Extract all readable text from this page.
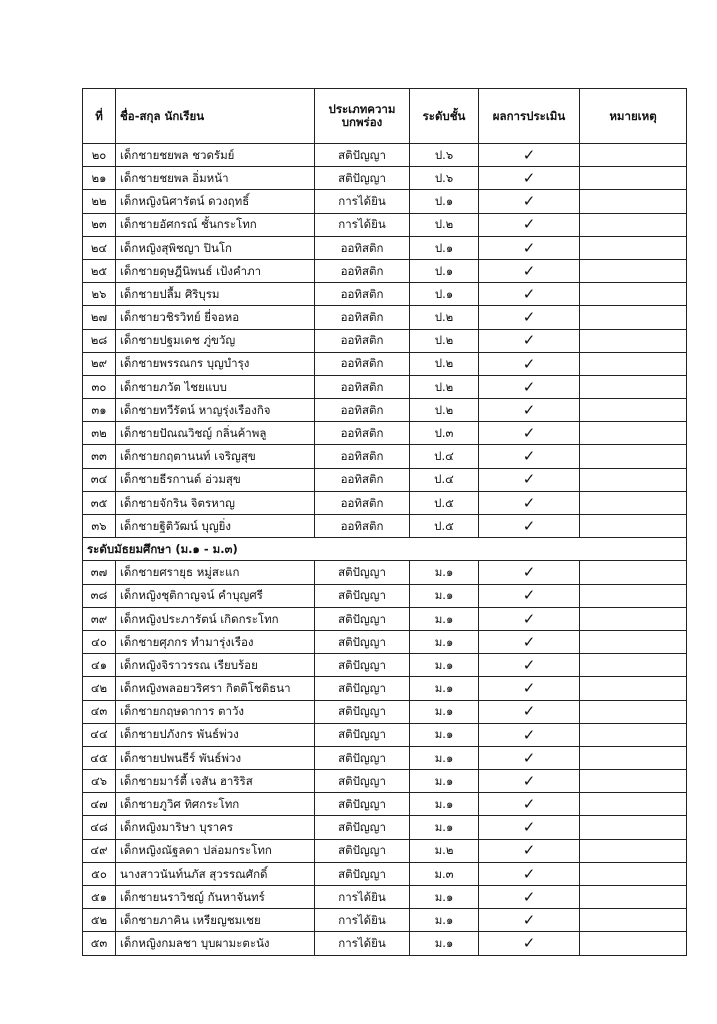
ที่	ชื่อ-สกุล นักเรียน	ประเภทความบกพร่อง	ระดับชั้น	ผลการประเมิน	หมายเหตุ
๒๐	เด็กชายชยพล ชวดรัมย์	สติปัญญา	ป.๖	✓	
๒๑	เด็กชายชยพล อิ่มหน้า	สติปัญญา	ป.๖	✓	
๒๒	เด็กหญิงนิศารัตน์ ดวงฤทธิ์	การได้ยิน	ป.๑	✓	
๒๓	เด็กชายอัศกรณ์ ชั้นกระโทก	การได้ยิน	ป.๒	✓	
๒๔	เด็กหญิงสุพิชญา ปินโก	ออทิสติก	ป.๑	✓	
๒๕	เด็กชายดุษฎีนิพนธ์ เป้งคำภา	ออทิสติก	ป.๑	✓	
๒๖	เด็กชายปลื้ม ศิริบุรม	ออทิสติก	ป.๑	✓	
๒๗	เด็กชายวชิรวิทย์ ยี่จอหอ	ออทิสติก	ป.๒	✓	
๒๘	เด็กชายปฐมเดช ภู่ขวัญ	ออทิสติก	ป.๒	✓	
๒๙	เด็กชายพรรณกร บุญบำรุง	ออทิสติก	ป.๒	✓	
๓๐	เด็กชายภวัต ไชยแบบ	ออทิสติก	ป.๒	✓	
๓๑	เด็กชายทวีรัตน์ หาญรุ่งเรืองกิจ	ออทิสติก	ป.๒	✓	
๓๒	เด็กชายปัณณวิชญ์ กลิ่นค้าพลู	ออทิสติก	ป.๓	✓	
๓๓	เด็กชายกฤตานนท์ เจริญสุข	ออทิสติก	ป.๔	✓	
๓๔	เด็กชายธีรกานต์ อ่วมสุข	ออทิสติก	ป.๔	✓	
๓๕	เด็กชายจักริน จิตรหาญ	ออทิสติก	ป.๕	✓	
๓๖	เด็กชายฐิติวัฒน์ บุญยิ่ง	ออทิสติก	ป.๕	✓	
ระดับมัธยมศึกษา (ม.๑ - ม.๓)					
๓๗	เด็กชายศรายุธ หมู่สะแก	สติปัญญา	ม.๑	✓	
๓๘	เด็กหญิงชุติกาญจน์ คำบุญศรี	สติปัญญา	ม.๑	✓	
๓๙	เด็กหญิงประภารัตน์ เกิดกระโทก	สติปัญญา	ม.๑	✓	
๔๐	เด็กชายศุภกร ทำมารุ่งเรือง	สติปัญญา	ม.๑	✓	
๔๑	เด็กหญิงจิราวรรณ เรียบร้อย	สติปัญญา	ม.๑	✓	
๔๒	เด็กหญิงพลอยวริศรา กิตติโชติธนา	สติปัญญา	ม.๑	✓	
๔๓	เด็กชายกฤษดาการ ตาวัง	สติปัญญา	ม.๑	✓	
๔๔	เด็กชายปภังกร พันธ์พ่วง	สติปัญญา	ม.๑	✓	
๔๕	เด็กชายปพนธีร์ พันธ์พ่วง	สติปัญญา	ม.๑	✓	
๔๖	เด็กชายมาร์ตี้ เจสัน ฮาริริส	สติปัญญา	ม.๑	✓	
๔๗	เด็กชายภูวิศ ทิศกระโทก	สติปัญญา	ม.๑	✓	
๔๘	เด็กหญิงมาริษา บุราคร	สติปัญญา	ม.๑	✓	
๔๙	เด็กหญิงณัฐลดา ปล่อมกระโทก	สติปัญญา	ม.๒	✓	
๕๐	นางสาวนันท์นภัส สุวรรณศักดิ์	สติปัญญา	ม.๓	✓	
๕๑	เด็กชายนราวิชญ์ กันหาจันทร์	การได้ยิน	ม.๑	✓	
๕๒	เด็กชายภาคิน เหรียญชมเชย	การได้ยิน	ม.๑	✓	
๕๓	เด็กหญิงกมลชา บุบผามะตะนัง	การได้ยิน	ม.๑	✓	
